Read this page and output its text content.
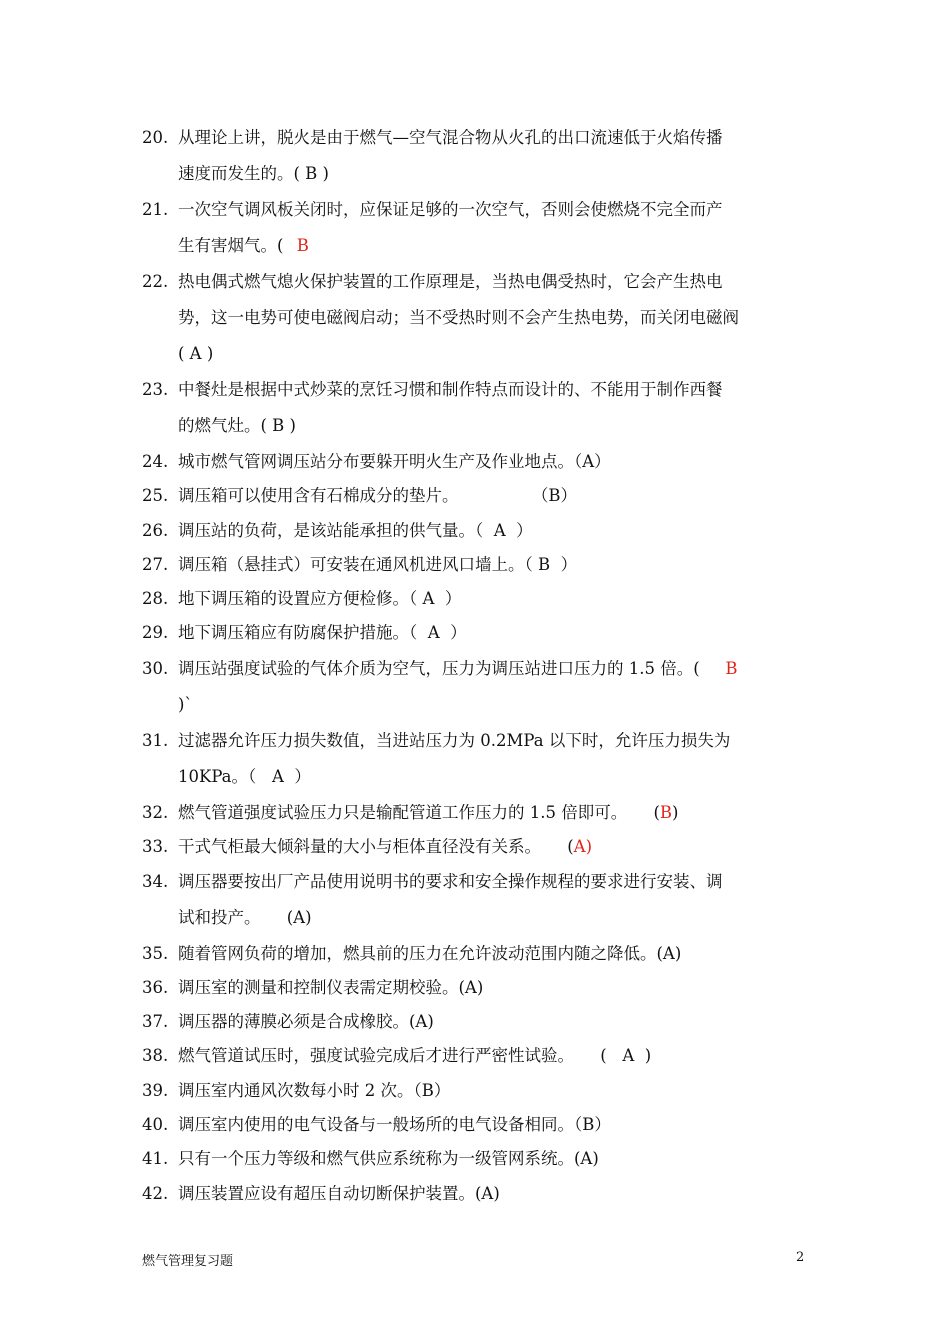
20. 从理论上讲，脱火是由于燃气—空气混合物从火孔的出口流速低于火焰传播
速度而发生的。( B )
21. 一次空气调风板关闭时，应保证足够的一次空气，否则会使燃烧不完全而产
生有害烟气。( B
22. 热电偶式燃气熄火保护装置的工作原理是，当热电偶受热时，它会产生热电
势，这一电势可使电磁阀启动；当不受热时则不会产生热电势，而关闭电磁阀
( A )
23. 中餐灶是根据中式炒菜的烹饪习惯和制作特点而设计的、不能用于制作西餐
的燃气灶。( B )
24. 城市燃气管网调压站分布要躲开明火生产及作业地点。（A）
25. 调压箱可以使用含有石棉成分的垫片。              （B）
26. 调压站的负荷，是该站能承担的供气量。（  A  ）
27. 调压箱（悬挂式）可安装在通风机进风口墙上。（ B  ）
28. 地下调压箱的设置应方便检修。（ A  ）
29. 地下调压箱应有防腐保护措施。（  A  ）
30. 调压站强度试验的气体介质为空气，压力为调压站进口压力的 1.5 倍。(   B
)`
31. 过滤器允许压力损失数值，当进站压力为 0.2MPa 以下时，允许压力损失为
10KPa。（   A  ）
32. 燃气管道强度试验压力只是输配管道工作压力的 1.5 倍即可。     (B)
33. 干式气柜最大倾斜量的大小与柜体直径没有关系。     (A)
34. 调压器要按出厂产品使用说明书的要求和安全操作规程的要求进行安装、调
试和投产。     (A)
35. 随着管网负荷的增加，燃具前的压力在允许波动范围内随之降低。(A)
36. 调压室的测量和控制仪表需定期校验。(A)
37. 调压器的薄膜必须是合成橡胶。(A)
38. 燃气管道试压时，强度试验完成后才进行严密性试验。     (   A  )
39. 调压室内通风次数每小时 2 次。（B）
40. 调压室内使用的电气设备与一般场所的电气设备相同。（B）
41. 只有一个压力等级和燃气供应系统称为一级管网系统。(A)
42. 调压装置应设有超压自动切断保护装置。(A)
燃气管理复习题	2
